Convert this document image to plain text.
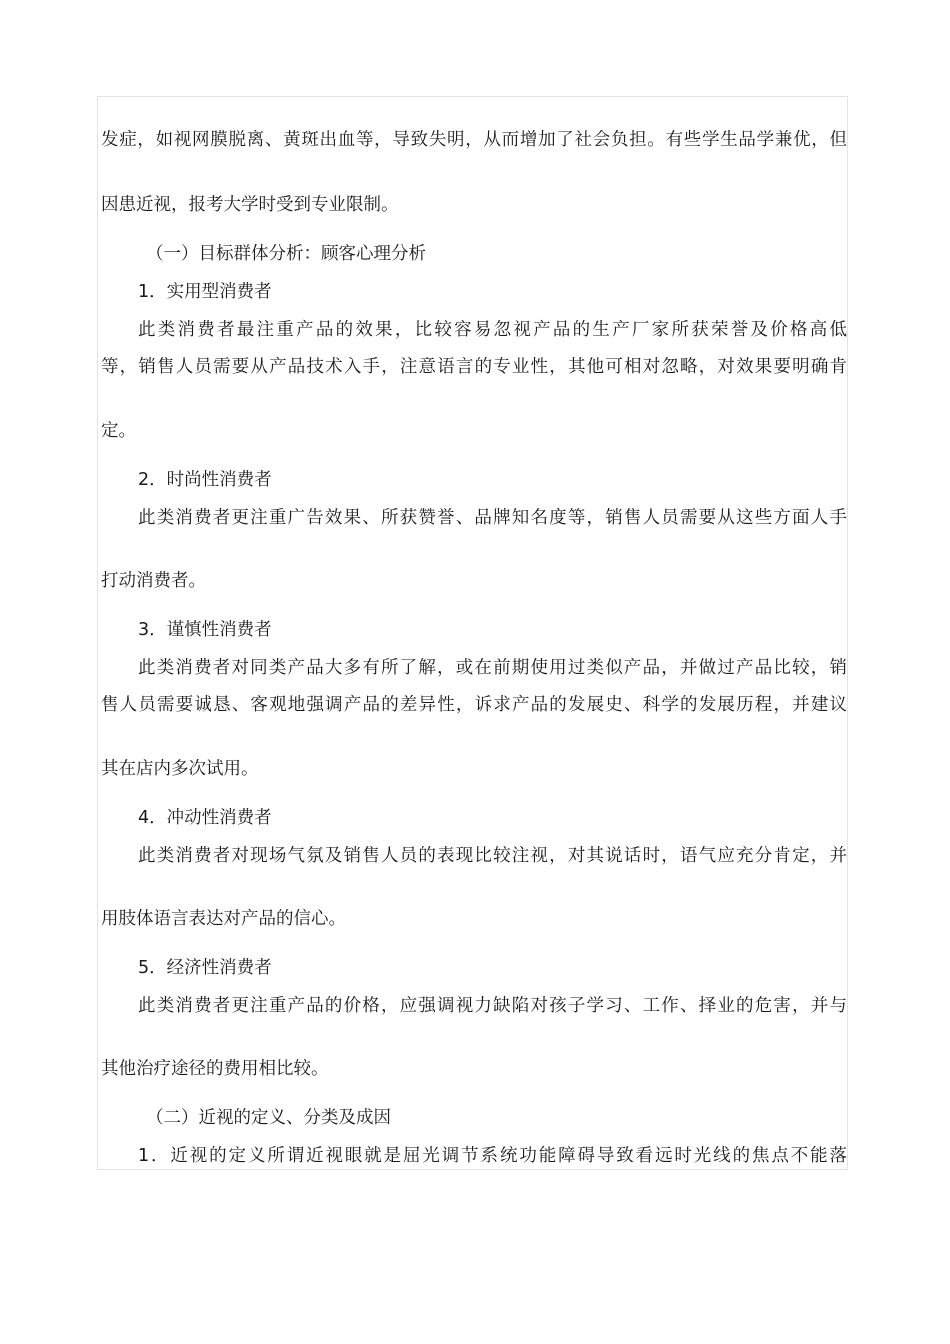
发症，如视网膜脱离、黄斑出血等，导致失明，从而增加了社会负担。有些学生品学兼优，但
因患近视，报考大学时受到专业限制。
（一）目标群体分析：顾客心理分析
1．实用型消费者
此类消费者最注重产品的效果，比较容易忽视产品的生产厂家所获荣誉及价格高低
等，销售人员需要从产品技术入手，注意语言的专业性，其他可相对忽略，对效果要明确肯
定。
2．时尚性消费者
此类消费者更注重广告效果、所获赞誉、品牌知名度等，销售人员需要从这些方面人手
打动消费者。
3．谨慎性消费者
此类消费者对同类产品大多有所了解，或在前期使用过类似产品，并做过产品比较，销
售人员需要诚恳、客观地强调产品的差异性，诉求产品的发展史、科学的发展历程，并建议
其在店内多次试用。
4．冲动性消费者
此类消费者对现场气氛及销售人员的表现比较注视，对其说话时，语气应充分肯定，并
用肢体语言表达对产品的信心。
5．经济性消费者
此类消费者更注重产品的价格，应强调视力缺陷对孩子学习、工作、择业的危害，并与
其他治疗途径的费用相比较。
（二）近视的定义、分类及成因
1．近视的定义所谓近视眼就是屈光调节系统功能障碍导致看远时光线的焦点不能落
